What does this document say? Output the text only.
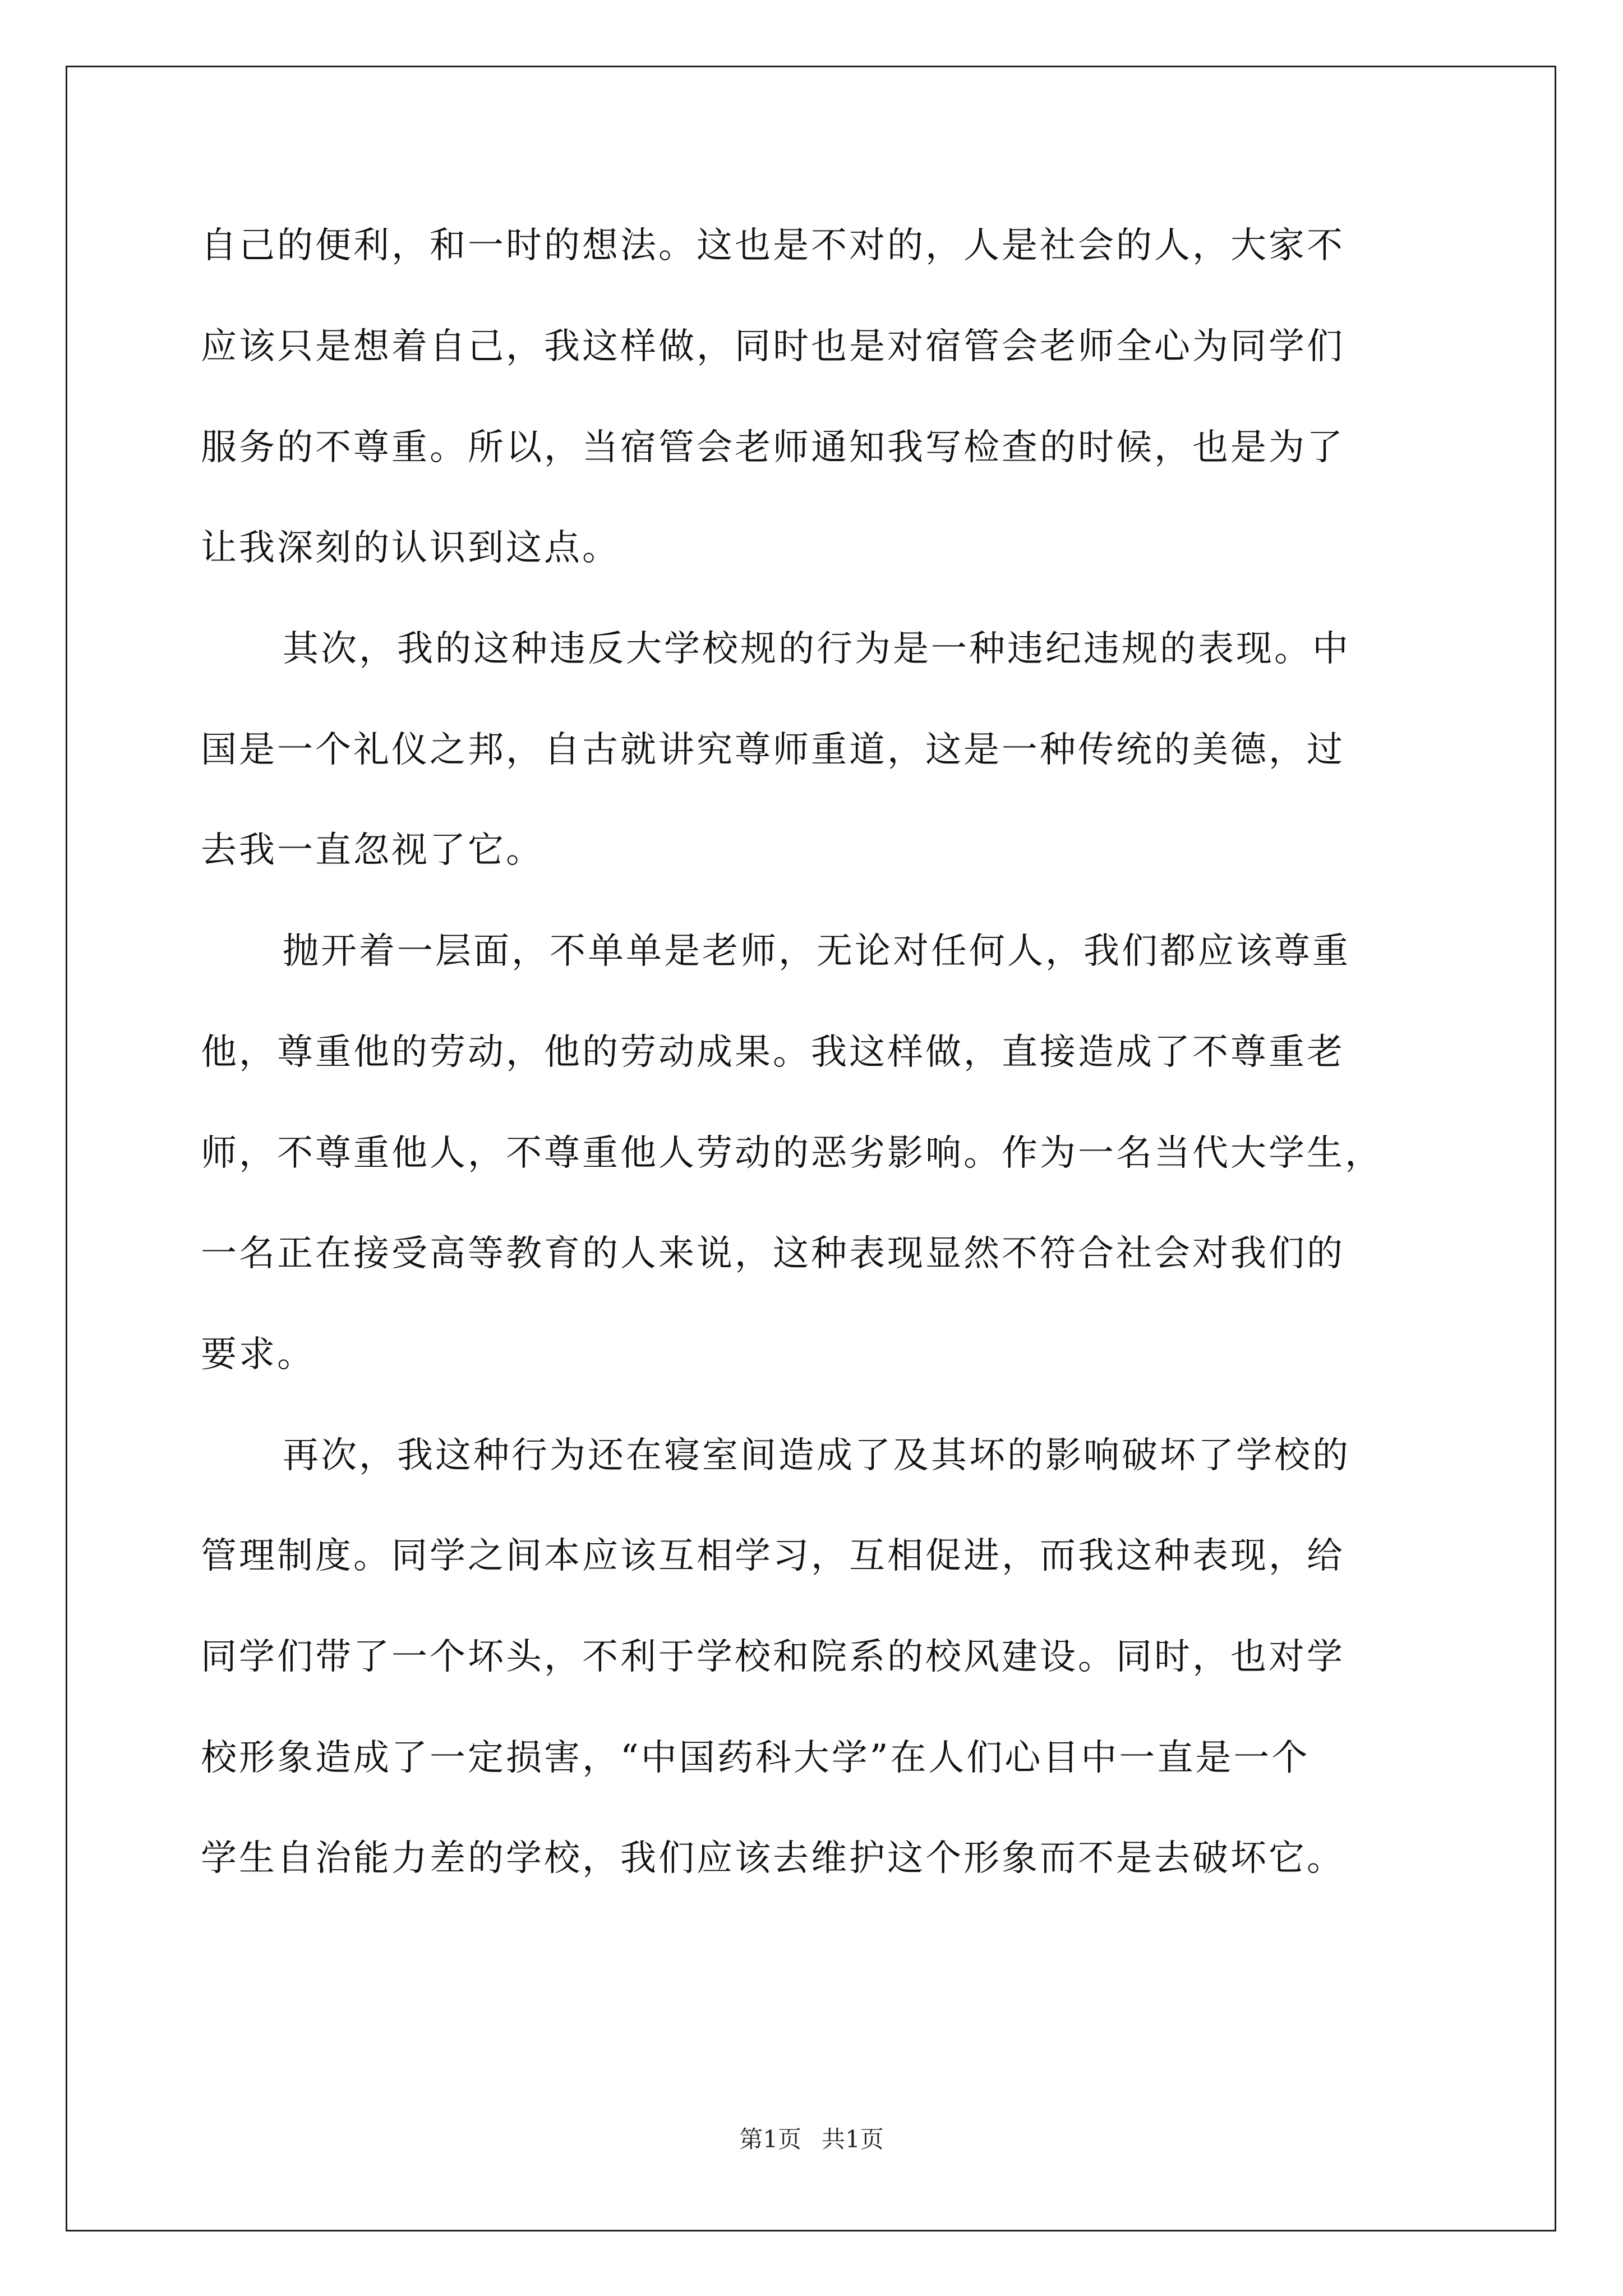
自己的便利，和一时的想法。这也是不对的，人是社会的人，大家不
应该只是想着自己，我这样做，同时也是对宿管会老师全心为同学们
服务的不尊重。所以，当宿管会老师通知我写检查的时候，也是为了
让我深刻的认识到这点。
其次，我的这种违反大学校规的行为是一种违纪违规的表现。中
国是一个礼仪之邦，自古就讲究尊师重道，这是一种传统的美德，过
去我一直忽视了它。
抛开着一层面，不单单是老师，无论对任何人，我们都应该尊重
他，尊重他的劳动，他的劳动成果。我这样做，直接造成了不尊重老
师，不尊重他人，不尊重他人劳动的恶劣影响。作为一名当代大学生，
一名正在接受高等教育的人来说，这种表现显然不符合社会对我们的
要求。
再次，我这种行为还在寝室间造成了及其坏的影响破坏了学校的
管理制度。同学之间本应该互相学习，互相促进，而我这种表现，给
同学们带了一个坏头，不利于学校和院系的校风建设。同时，也对学
校形象造成了一定损害，“中国药科大学”在人们心目中一直是一个
学生自治能力差的学校，我们应该去维护这个形象而不是去破坏它。
第1页 共1页
